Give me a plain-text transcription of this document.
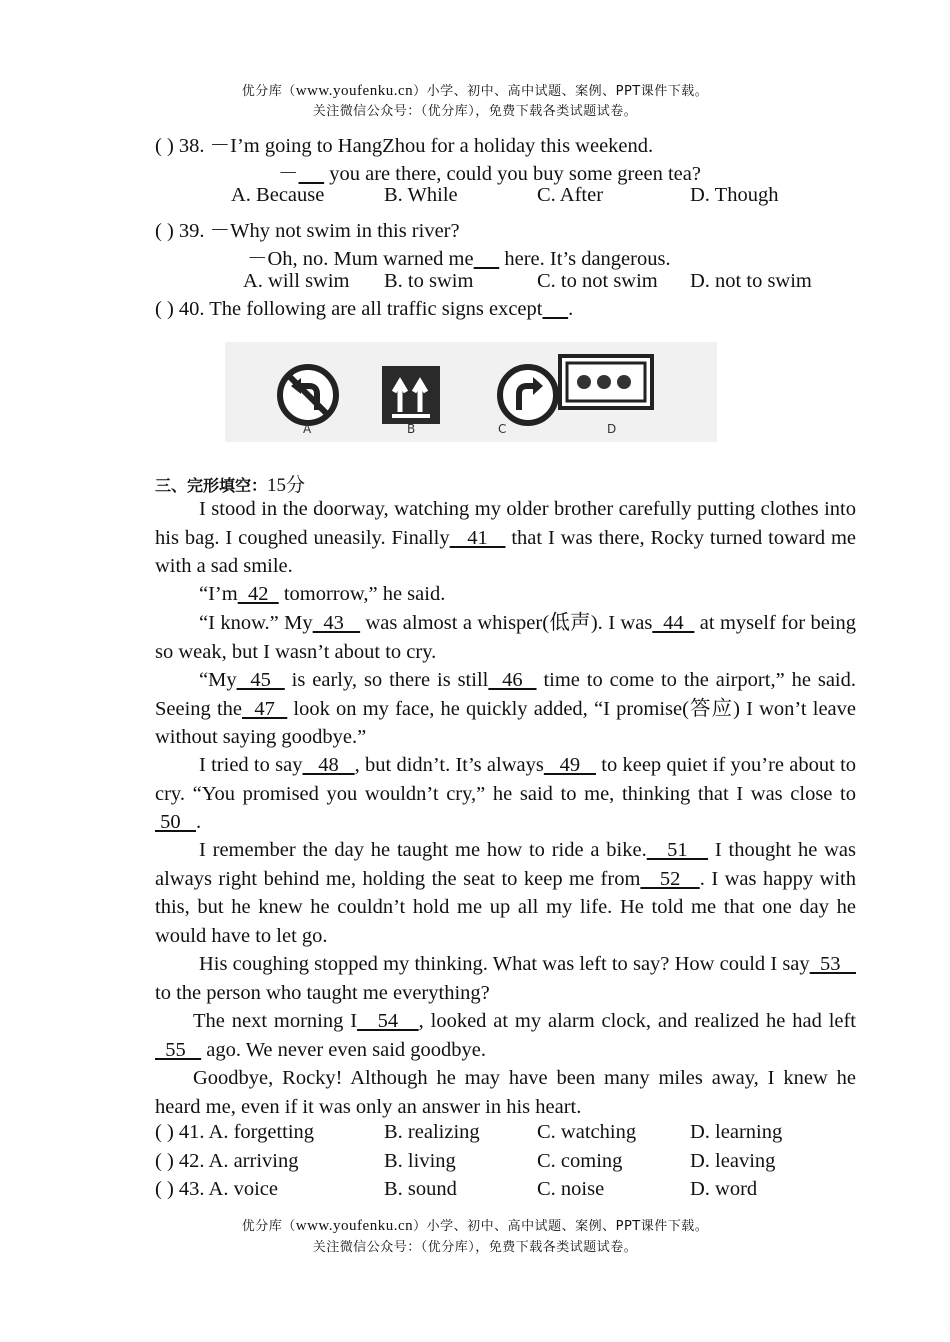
优分库（www.youfenku.cn）小学、初中、高中试题、案例、PPT课件下载。
关注微信公众号：（优分库），免费下载各类试题试卷。
( ) 38. －I’m going to HangZhou for a holiday this weekend.
－      you are there, could you buy some green tea?
A. Because	B. While	C. After	D. Though
( ) 39. －Why not swim in this river?
－Oh, no. Mum warned me      here. It’s dangerous.
A. will swim B. to swim	C. to not swim D. not to swim
( ) 40. The following are all traffic signs except .
A	B	C	D
三、完形填空：15分
I stood in the doorway, watching my older brother carefully putting clothes into his bag. I coughed uneasily. Finally   41    that I was there, Rocky turned toward me with a sad smile.
“I’m  42   tomorrow,” he said.
“I know.” My  43    was almost a whisper(低声). I was  44   at myself for being so weak, but I wasn’t about to cry.
“My  45   is early, so there is still  46   time to come to the airport,” he said. Seeing the  47   look on my face, he quickly added, “I promise(答应) I won’t leave without saying goodbye.”
I tried to say   48   , but didn’t. It’s always   49    to keep quiet if you’re about to cry. “You promised you wouldn’t cry,” he said to me, thinking that I was close to 50   .
I remember the day he taught me how to ride a bike.   51    I thought he was always right behind me, holding the seat to keep me from   52   . I was happy with this, but he knew he couldn’t hold me up all my life. He told me that one day he would have to let go.
His coughing stopped my thinking. What was left to say? How could I say  53    to the person who taught me everything?
The next morning I   54   , looked at my alarm clock, and realized he had left  55    ago. We never even said goodbye.
Goodbye, Rocky! Although he may have been many miles away, I knew he heard me, even if it was only an answer in his heart.
( ) 41. A. forgetting	B. realizing	C. watching	D. learning
( ) 42. A. arriving	B. living	C. coming	D. leaving
( ) 43. A. voice	B. sound	C. noise	D. word
优分库（www.youfenku.cn）小学、初中、高中试题、案例、PPT课件下载。
关注微信公众号：（优分库），免费下载各类试题试卷。
